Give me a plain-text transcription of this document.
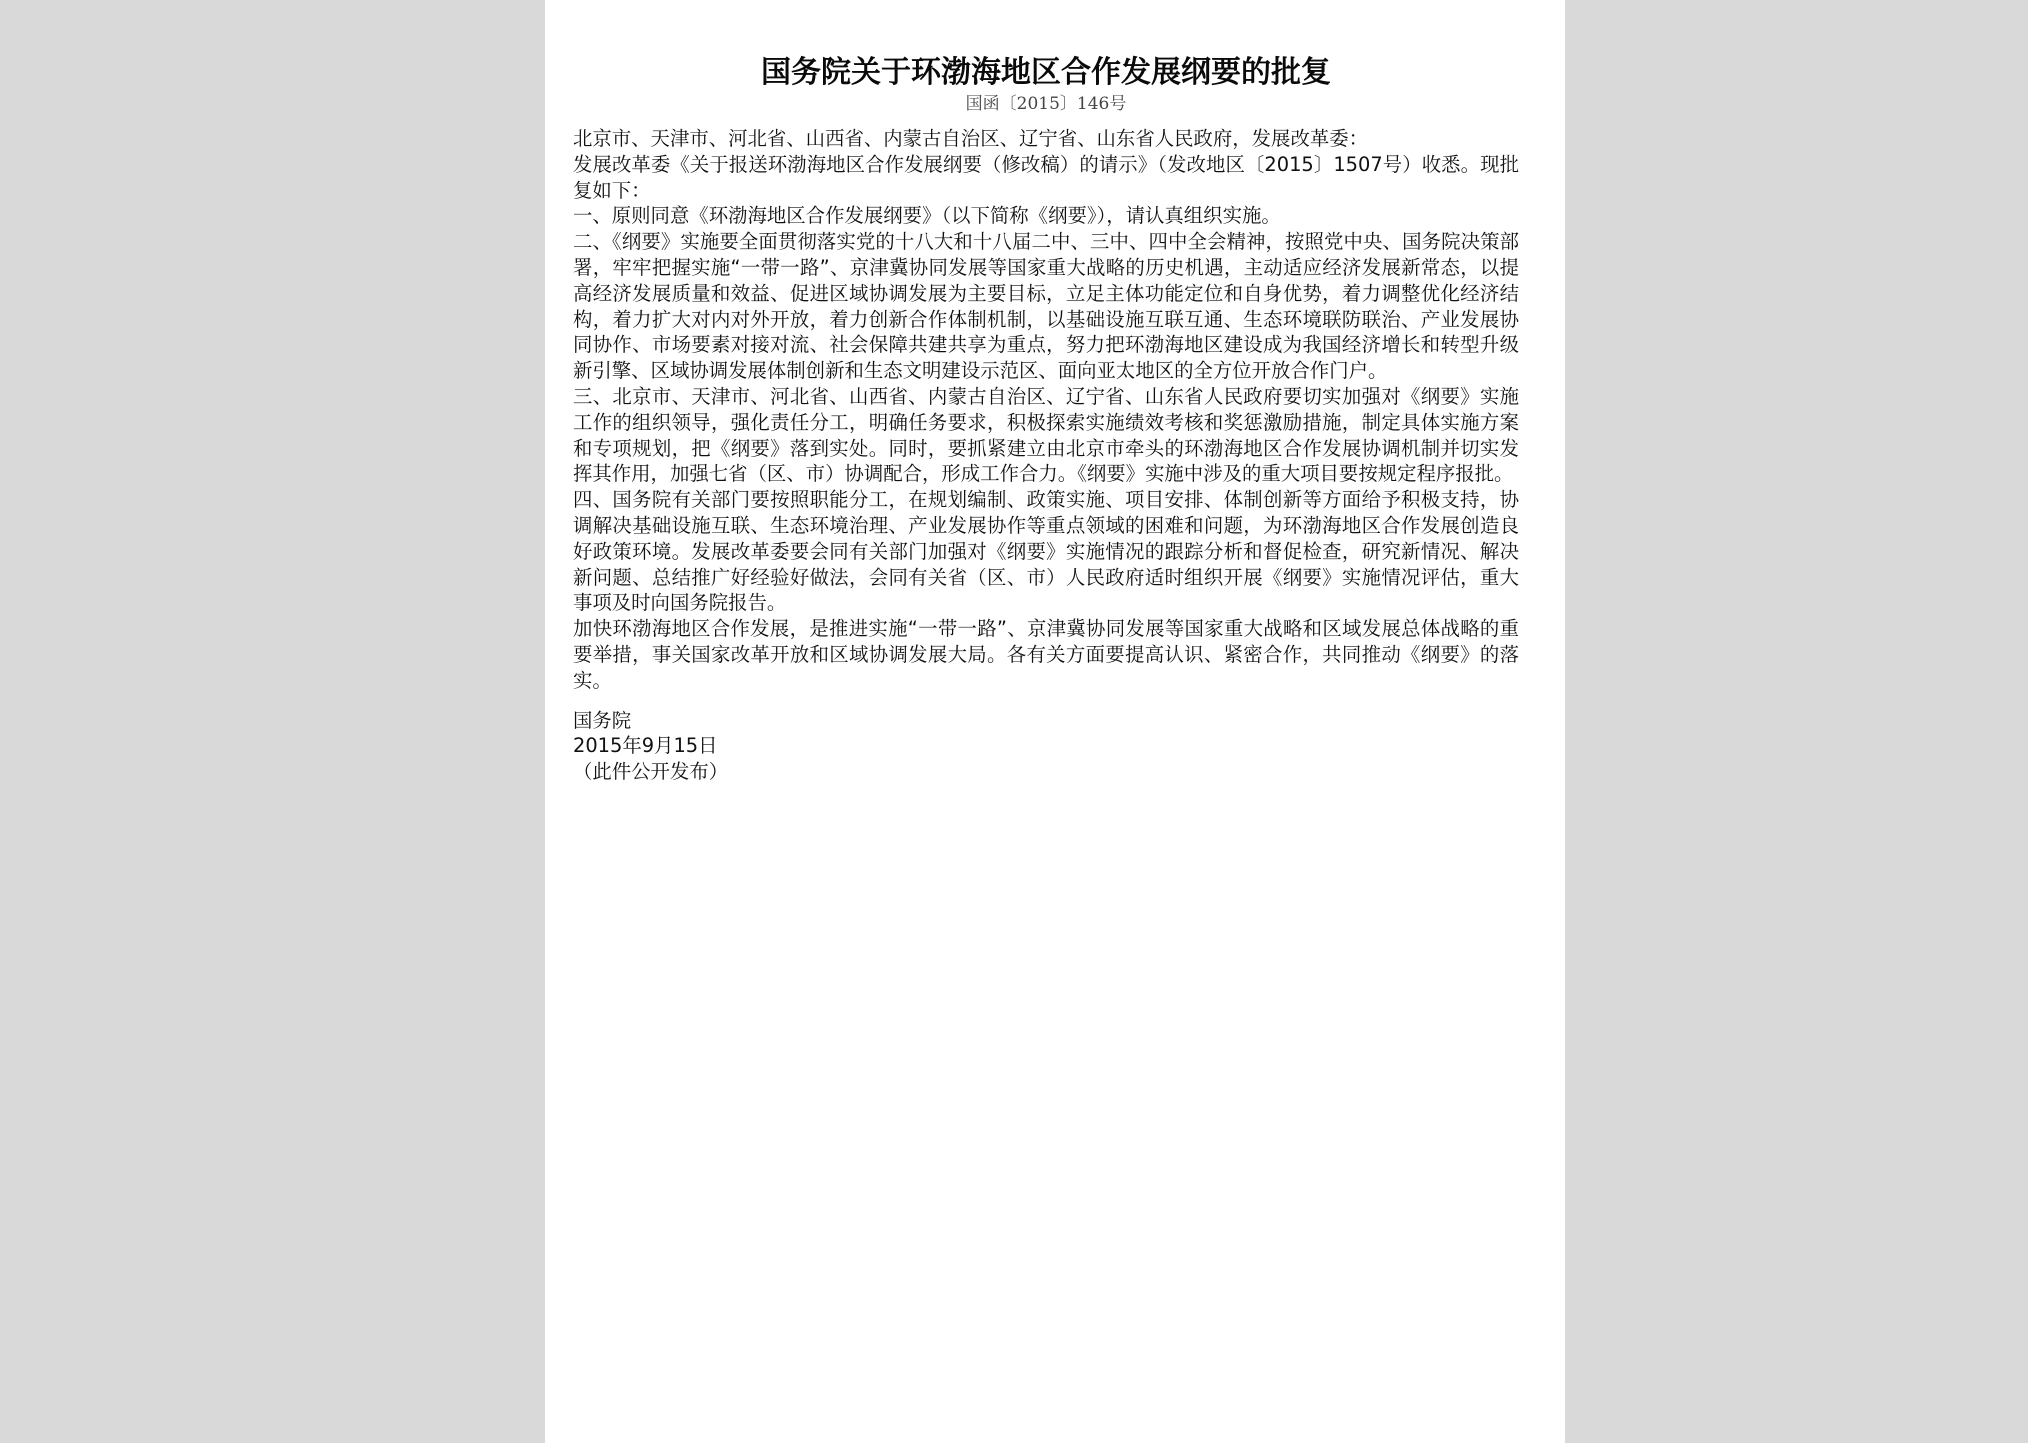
国务院关于环渤海地区合作发展纲要的批复
国函〔2015〕146号

北京市、天津市、河北省、山西省、内蒙古自治区、辽宁省、山东省人民政府，发展改革委：

发展改革委《关于报送环渤海地区合作发展纲要（修改稿）的请示》（发改地区〔2015〕1507号）收悉。现批复如下：

一、原则同意《环渤海地区合作发展纲要》（以下简称《纲要》），请认真组织实施。

二、《纲要》实施要全面贯彻落实党的十八大和十八届二中、三中、四中全会精神，按照党中央、国务院决策部署，牢牢把握实施“一带一路”、京津冀协同发展等国家重大战略的历史机遇，主动适应经济发展新常态，以提高经济发展质量和效益、促进区域协调发展为主要目标，立足主体功能定位和自身优势，着力调整优化经济结构，着力扩大对内对外开放，着力创新合作体制机制，以基础设施互联互通、生态环境联防联治、产业发展协同协作、市场要素对接对流、社会保障共建共享为重点，努力把环渤海地区建设成为我国经济增长和转型升级新引擎、区域协调发展体制创新和生态文明建设示范区、面向亚太地区的全方位开放合作门户。

三、北京市、天津市、河北省、山西省、内蒙古自治区、辽宁省、山东省人民政府要切实加强对《纲要》实施工作的组织领导，强化责任分工，明确任务要求，积极探索实施绩效考核和奖惩激励措施，制定具体实施方案和专项规划，把《纲要》落到实处。同时，要抓紧建立由北京市牵头的环渤海地区合作发展协调机制并切实发挥其作用，加强七省（区、市）协调配合，形成工作合力。《纲要》实施中涉及的重大项目要按规定程序报批。

四、国务院有关部门要按照职能分工，在规划编制、政策实施、项目安排、体制创新等方面给予积极支持，协调解决基础设施互联、生态环境治理、产业发展协作等重点领域的困难和问题，为环渤海地区合作发展创造良好政策环境。发展改革委要会同有关部门加强对《纲要》实施情况的跟踪分析和督促检查，研究新情况、解决新问题、总结推广好经验好做法，会同有关省（区、市）人民政府适时组织开展《纲要》实施情况评估，重大事项及时向国务院报告。

加快环渤海地区合作发展，是推进实施“一带一路”、京津冀协同发展等国家重大战略和区域发展总体战略的重要举措，事关国家改革开放和区域协调发展大局。各有关方面要提高认识、紧密合作，共同推动《纲要》的落实。

国务院

2015年9月15日

（此件公开发布）
